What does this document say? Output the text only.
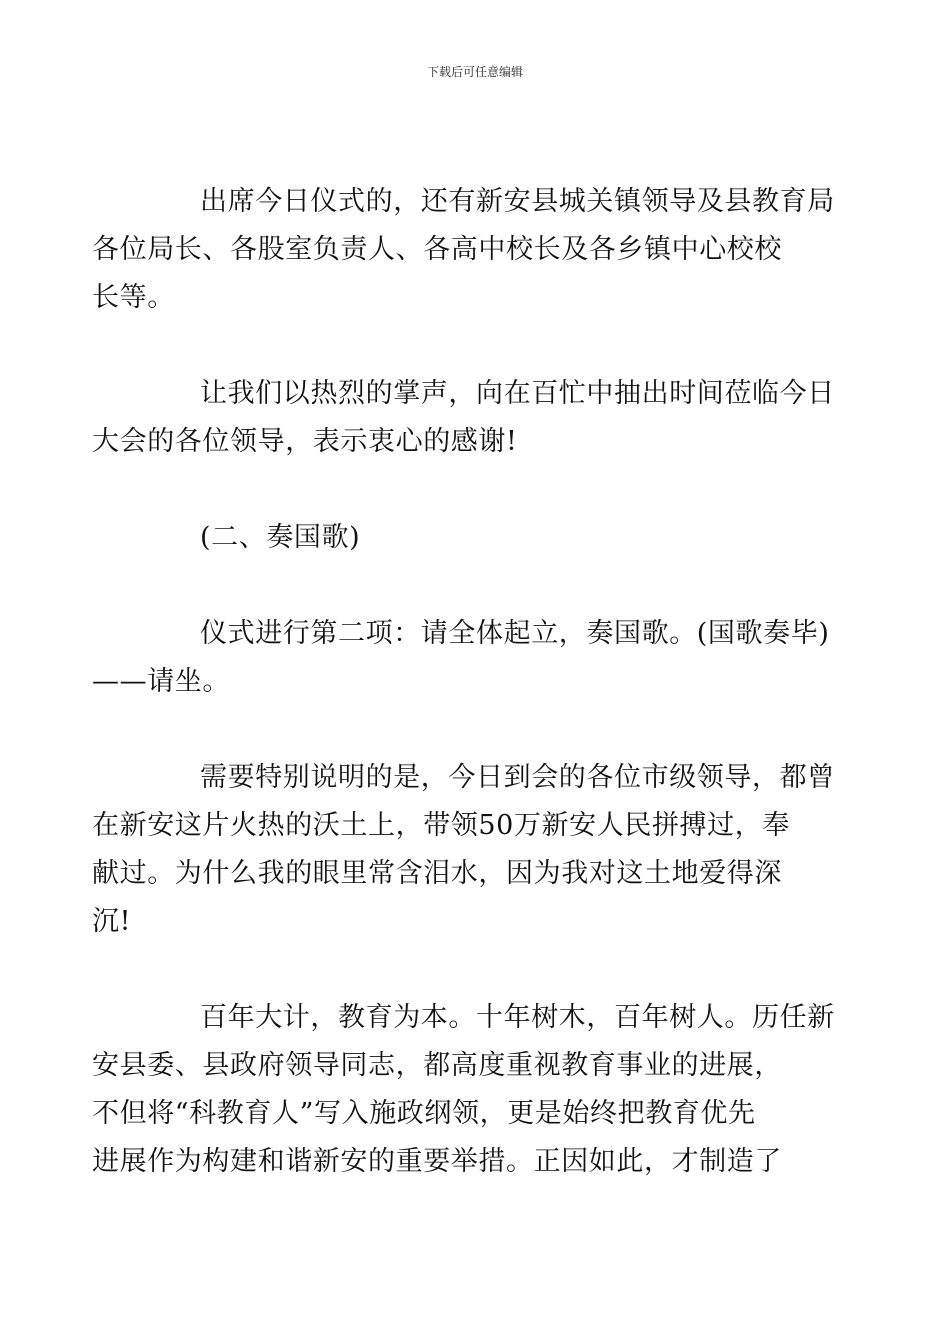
下载后可任意编辑

出席今日仪式的，还有新安县城关镇领导及县教育局
各位局长、各股室负责人、各高中校长及各乡镇中心校校
长等。

让我们以热烈的掌声，向在百忙中抽出时间莅临今日
大会的各位领导，表示衷心的感谢!

(二、奏国歌)

仪式进行第二项：请全体起立，奏国歌。(国歌奏毕)
——请坐。

需要特别说明的是，今日到会的各位市级领导，都曾
在新安这片火热的沃土上，带领50万新安人民拼搏过，奉
献过。为什么我的眼里常含泪水，因为我对这土地爱得深
沉!

百年大计，教育为本。十年树木，百年树人。历任新
安县委、县政府领导同志，都高度重视教育事业的进展，
不但将“科教育人”写入施政纲领，更是始终把教育优先
进展作为构建和谐新安的重要举措。正因如此，才制造了
